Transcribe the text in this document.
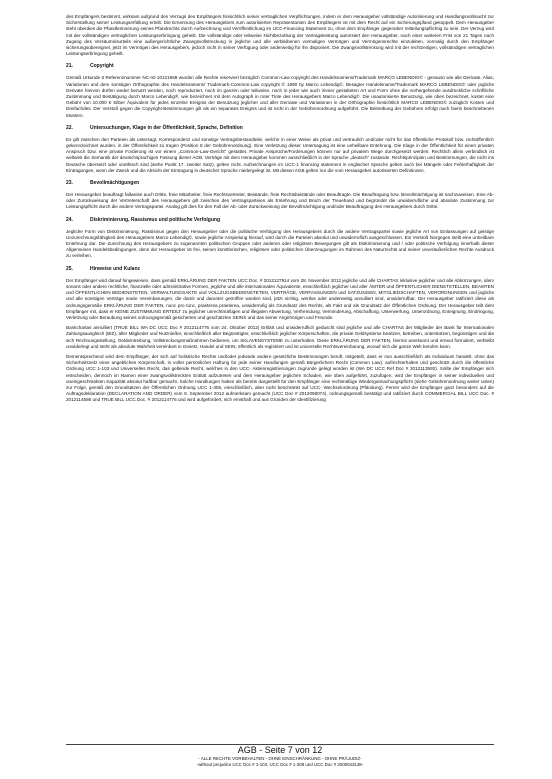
des Empfängers bestimmt, wirksam aufgrund des Verzugs des Empfängers hinsichtlich seiner vertraglichen Verpflichtungen, indem er dem Herausgeber vollständige Autorisierung und Handlungsvollmacht zur Sicherstellung seiner Leistungserfüllung erteilt. Die Ernennung des Herausgebers zum autorisierten Repräsentanten des Empfängers ist mit dem Recht auf ein Sicherungspfand gekoppelt. Dem Herausgeber steht überdies die Pfandlerinnerung seines Pfandrechts durch Aufzeichnung und Veröffentlichung im UCC-Financing Statement zu, ohne dem Empfänger gegenüber mitteilungspflichtig zu sein. Der Verzug wird mit der vollständigen vertraglichen Leistungserbringung geheilt. Die vollständige oder teilweise Nichtbezahlung der Vertragsleistung autorisiert den Herausgeber, nach einer weiteren Frist von 21 Tagen nach Zugang des Versäumnisurteils eine außergerichtliche Zwangsvollstreckung in jegliche und alle verbleibenen vormaligen Vermögen und Vermögensrechte einzuleiten, vormalig durch den Empfänger sicherungsübereignet, jetzt im Vermögen des Herausgebers, jedoch nicht in seiner Verfügung oder anderweitig für ihn disponiert. Die Zwangsvollstreckung wird mit der rechtzeitigen, vollständigen vertraglichen Leistungserbringung geheilt.

21.	Copyright

Gemäß Urkunde 6 Referenznummer NC-ml-10121969 wurden alle Rechte reserviert bezüglich Common-Law copyright des Handelsnamens/Trademark MARCO LEBENDIG© - genauso wie alle Derivate, Alias, Variationen und dem sonstigen Orthographie des Handelsnamens/ Trademark-Common-Law copyright © 1990 by Marco Lebendig©. Besagter Handelsname/Trademark MARCO LEBENDIG© oder jegliche Derivate hiervon dürfen weder benutzt werden, noch reproduziert, noch im ganzen oder teilweise, noch in jeder wie auch immer gestalteten Art und Form ohne die vorhergehende ausdrückliche schriftliche Zustimmung und Bestätigung durch Marco Lebendig®, wie bezeichnet mit dem Autograph in roter Tinte des Herausgebers Marco Lebendig©. Die unautorisierte Benutzung, wie oben bezeichnet, kostet eine Gebühr von 10.000 € Silber Äquivalent für jedes einzelne Ereignis der Benutzung jeglicher und aller Derivate und Variationen in der Orthographie hinsichtlich MARCO LEBENDIG© zuzüglich Kosten und Dreifachdes. Der Verstoß gegen die Copyright-Bestimmungen gilt als ein separates Ereignis und ist nicht in der Gebührenordnung aufgeführt. Die Beitreibung der Gebühren erfolgt nach hierin beschriebenen Mustern.

22.	Untersuchungen, Klage in der Öffentlichkeit, Sprache, Definition

Es gilt zwischen den Parteien als untersagt, Korrespondenz und sonstige Vertragsbestandteile, welche in einer Weise als privat und vertraulich und/oder nicht für das öffentliche Protokoll bzw. nichtöffentlich gekennzeichnet wurden, in der Öffentlichkeit zu tragen (Position 8 der Gebührenordnung). Eine Verletzung dieser Untersagung ist eine unheilbare Entehrung. Die Klage in der Öffentlichkeit für einen privaten Anspruch bzw. eine private Forderung ist vor einem „Common-Law-Gericht" gestattet. Private Ansprüche/Forderungen können nur auf privatem Wege durchgesetzt werden. Rechtlich allein verbindlich ist weltweit die Semantik der deutschsprachigen Fassung dieser AGB. Verträge mit dem Herausgeber kommen ausschließlich in der Sprache „deutsch" zustande. Rechtsprinzipien und Bestimmungen, die nicht ins Deutsche übersetzt oder unethisch sind (siehe Punkt 17. zweiter Satz), gelten nicht. Aufzeichnungen im UCC-1 financing statement in englischer Sprache gelten auch bei Mängeln oder Fehlerhaftigkeit der Eintragungen, wenn der Zweck und die Absicht der Eintragung in deutscher Sprache niedergelegt ist. Mit diesen AGB gelten nur die vom Herausgeber autorisierten Definitionen.

23.	Bevollmächtigungen

Der Herausgeber beauftragt fallweise auch Dritte, freie Mitarbeiter, freie Rechtsvertreter, Beistände, freie Rechtsbeistände oder Beauftragte. Die Beauftragung bzw. Bevollmächtigung ist nachzuweisen. Eine Ab- oder Zurückweisung der Vertreterschaft des Herausgebers gilt zwischen den Vertragsparteien als Entehrung und Bruch der Treuehand und begründet die unwiderrufliche und absolute Zustimmung zur Leistungspflicht durch die andere Vertragspartei. Analog gilt dies für den Fall der Ab- oder Zurückweisung der Bevollmächtigung und/oder Beauftragung des Herausgebers durch Dritte.

24.	Diskriminierung, Rassismus und politische Verfolgung

Jegliche Form von Diskriminierung, Rassismus gegen den Herausgeber oder die politische Verfolgung des Herausgebers durch die andere Vertragspartei sowie jegliche Art von Einlassungen auf geistige Unzurechnungsfähigkeit des Herausgebers Marco Lebendig©, sowie jegliche Anspielung hierauf, wird durch die Parteien absolut und unwiderruflich ausgeschlossen. Ein Verstoß hiergegen stellt eine unheilbare Entehrung dar. Die Zurechnung des Herausgebers zu sogenannten politischen Gruppen oder anderen oder religiösen Bewegungen gilt als Diskriminierung und / oder politische Verfolgung innerhalb dieser Allgemeinen Handelsbedingungen, denn der Herausgeber ist frei, seinen künstlerischen, religiösen oder politischen Überzeugungen im Rahmen des Naturrechts und seiner unveräußerlichen Rechte Ausdruck zu verleihen.

25.	Hinweise und Kulanz

Der Empfänger wird darauf hingewiesen, dass gemäß ERKLÄRUNG DER FAKTEN UCC Doc. # 2012127914 vom 28. November 2012 jegliche und alle CHARTAS inklusive jeglicher und alle Abkürzungen, idem sonans oder andere rechtliche, finanzielle oder administrative Formen, jegliche und alle internationalen Äquivalente, einschließlich jeglicher und aller ÄMTER und ÖFFENTLICHER DIENSTSTELLEN, BEAMTEN und ÖFFENTLICHEN BEDIENSTETEN, VERWALTUNGSAKTE und VOLLZUGSBEDIENSTETEN, VERTRÄGE, VERFASSUNGEN und SATZUNGEN, MITGLIEDSCHAFTEN, VERORDNUNGEN und jegliche und alle sonstigen Verträge sowie Vereinbarungen, die damit und darunter getroffen worden sind, jetzt nichtig, wertlos oder anderweitig annulliert sind, unwiderrufbar. Der Herausgeber ratifiziert diese als ordnungsgemäße ERKLÄRUNG DER FAKTEN, nunc pro tunc, praeterea praeterea, unwiderrufig als Grundsatz des Rechts, als Fakt und als Grundsatz der Öffentlichen Ordnung. Der Herausgeber teilt dem Empfänger mit, dass er KEINE ZUSTIMMUNG ERTEILT zu jeglicher unrechtmäßigen und illegalen Abwertung, Verfremdung, Verminderung, Abschaffung, Unterwerfung, Unterordnung, Enteignung, Eindringung, Verletzung oder Beraubung seines ordnungsgemäß gesicherten und geschützten SEINS und das seiner Angehörigen und Freunde.

Bankchartas annulliert (TRUE BILL WA DC UCC Doc # 2012114776 vom 24. Oktober 2012) Erklärt und unwiderruflich geduscht sind jegliche und alle CHARTAS der Mitglieder der Bank für Internationalen Zahlungsausgleich (BIZ), aller Mitglieder und Nutznießer, einschließlich aller Begünstigter, einschließlich jeglicher Körperschaften, die private Geldsysteme besitzen, betreiben, unterstützen, begünstigen und die sich Rechnungsstellung, Geldeintreibung, Vollstreckungsmaßnahmen bedienen, um SKLAVENSYSTEME zu unterhalten. Diese ERKLÄRUNG DER FAKTEN, hiermit anerkannt und erneut formuliert, verbleibt unwiderlegt und steht als absolute Wahrheit vereinbart in Gesetz, Handel und SEIN, öffentlich als registriert und ist universelle Rechtsvereinbarung, worauf sich die ganze Welt berufen kann.

Dementsprechend wird dem Empfänger, der sich auf holistische Rechte und/oder jedwede andere gesetzliche Bestimmungen beruft, mitgeteilt, dass er nun ausschließlich als Individuum handelt, ohne das Sicherheitsnetz einer angeblichen Körperschaft, in voller persönlicher Haftung für jede seiner Handlungen gemäß Bürgerlichem Recht (Common Law), aufrechterhalten und geschützt durch die öffentliche Ordnung UCC 1-103 und Universelles Recht, das geltende Recht, welches in den UCC- Aktienregistrierungen zugrunde gelegt worden ist (WA DC UCC Ref Doc # 2012113593). Sollte der Empfänger sich entscheiden, dennoch im Namen einer zwangsvollstreckten Entität aufzutreten und dem Herausgeber jeglichen Schaden, wie oben aufgeführt, zuzufügen, wird der Empfänger in seiner individuellen und uneingeschränkten Kapazität absolut haftbar gemacht. Solche Handlungen haben als bereits dargestellt für den Empfänger eine rechtmäßige Wiedergutmachungspflicht (siehe Gebührenordnung weiter unten) zur Folge, gemäß den Grundsätzen der Öffentlichen Ordnung UCC 1-305, einschließlich, aber nicht beschränkt auf UCC- Wechselordnung (Pfändung). Ferner wird der Empfänger ganz besonders auf die Auftragsdeklaration (DECLARATION AND ORDER) vom 9. September 2012 aufmerksam gemacht (UCC Doc # 2012096074), ordnungsgemäß bestätigt und ratifiziert durch COMMERCIAL BILL UCC Doc. # 2012114586 und TRUE BILL UCC Doc. # 2012114776 und wird aufgefordert, sich ernsthaft und aus Gründen der Identifizierung

AGB - Seite 7 von 12
- ALLE RECHTE VORBEHALTEN - OHNE EINSCHRÄNKUNG - OHNE PRÄJUDIZ-
-without prejudice UCC Doc # 1-103, UCC Doc # 1-308 und UCC Doc # 2000043138-
